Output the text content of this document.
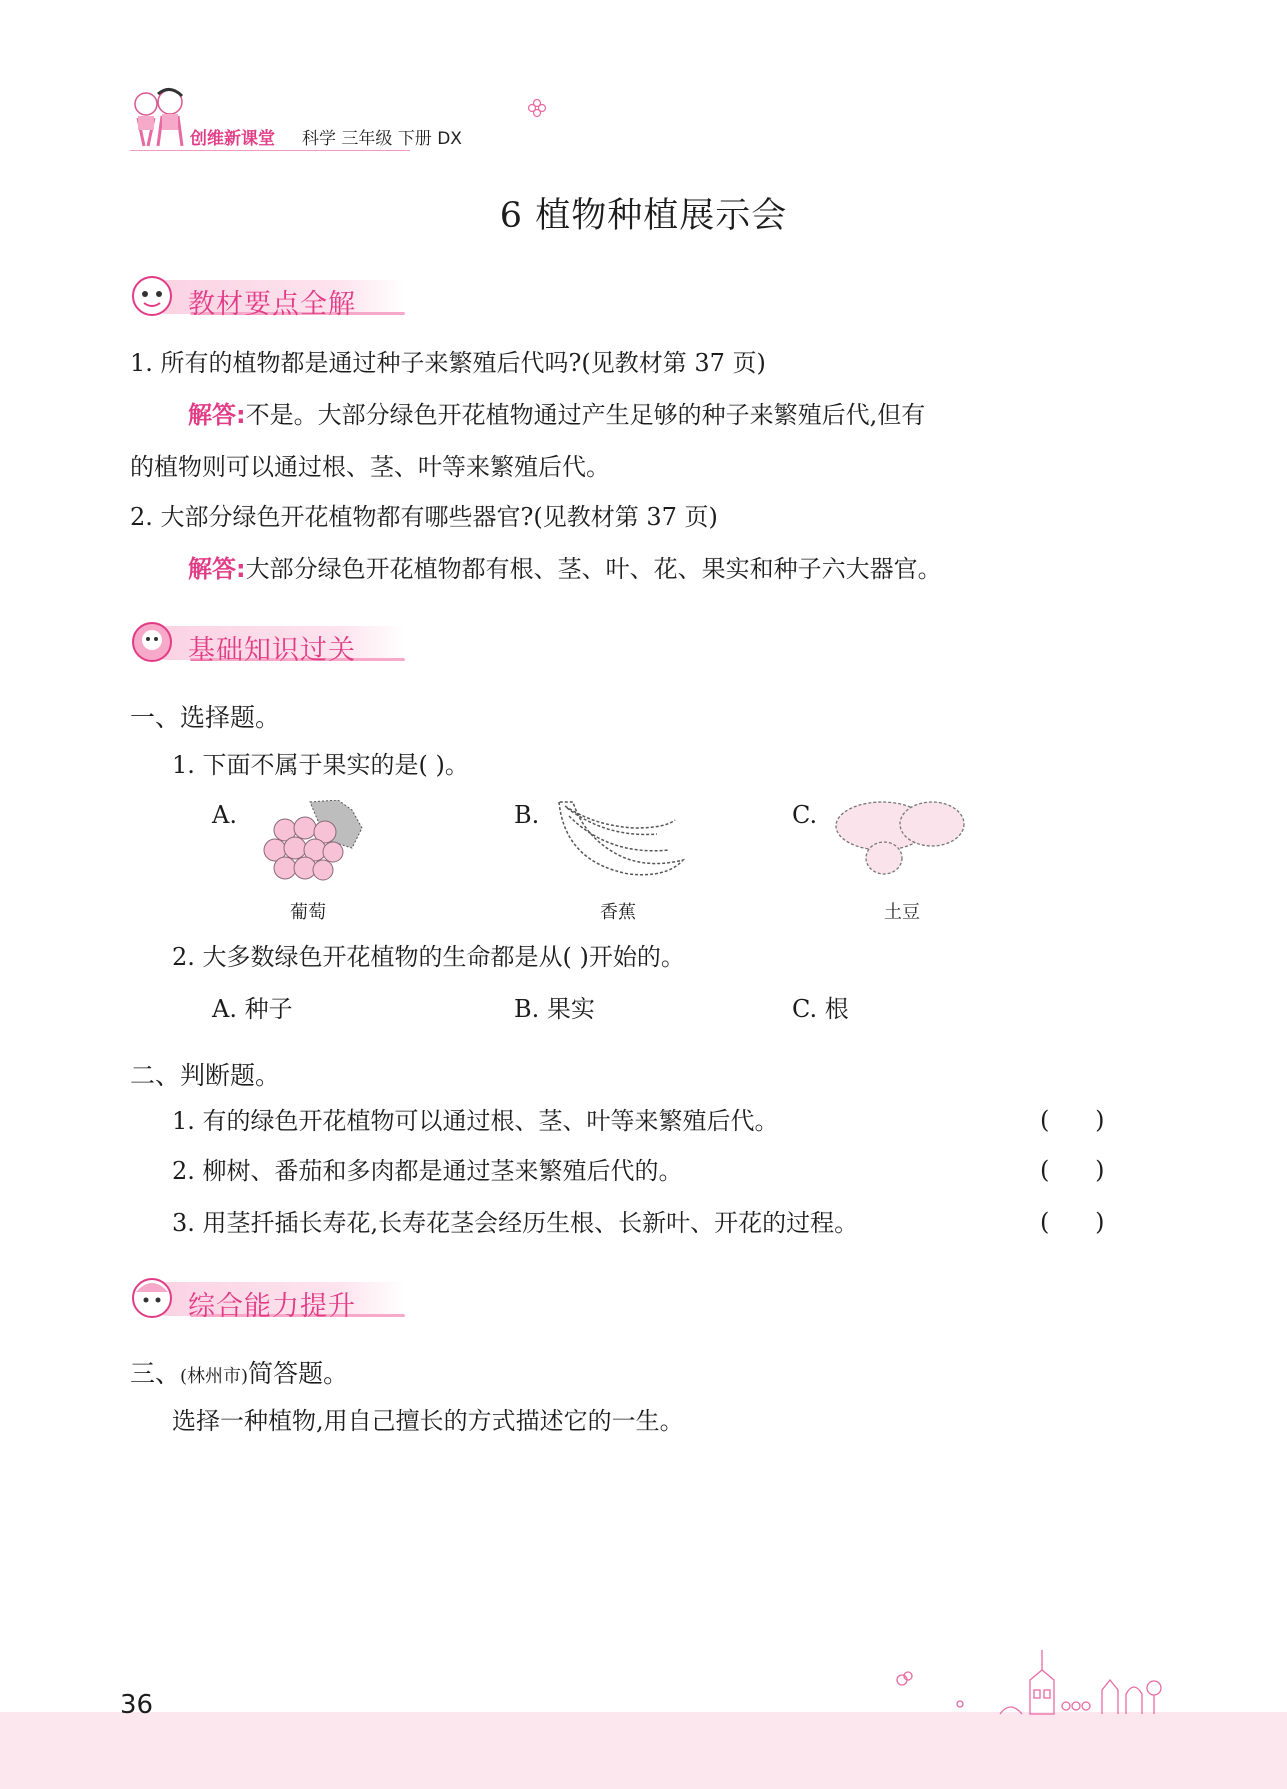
创维新课堂 科学 三年级 下册 DX
6 植物种植展示会
教材要点全解
1. 所有的植物都是通过种子来繁殖后代吗?(见教材第 37 页)
解答:不是。大部分绿色开花植物通过产生足够的种子来繁殖后代,但有
的植物则可以通过根、茎、叶等来繁殖后代。
2. 大部分绿色开花植物都有哪些器官?(见教材第 37 页)
解答:大部分绿色开花植物都有根、茎、叶、花、果实和种子六大器官。
基础知识过关
一、选择题。
1. 下面不属于果实的是( )。
A.
葡萄
B.
香蕉
C.
土豆
2. 大多数绿色开花植物的生命都是从( )开始的。
A. 种子	B. 果实	C. 根
二、判断题。
1. 有的绿色开花植物可以通过根、茎、叶等来繁殖后代。	(      )
2. 柳树、番茄和多肉都是通过茎来繁殖后代的。	(      )
3. 用茎扦插长寿花,长寿花茎会经历生根、长新叶、开花的过程。	(      )
综合能力提升
三、(林州市)简答题。
选择一种植物,用自己擅长的方式描述它的一生。
36
